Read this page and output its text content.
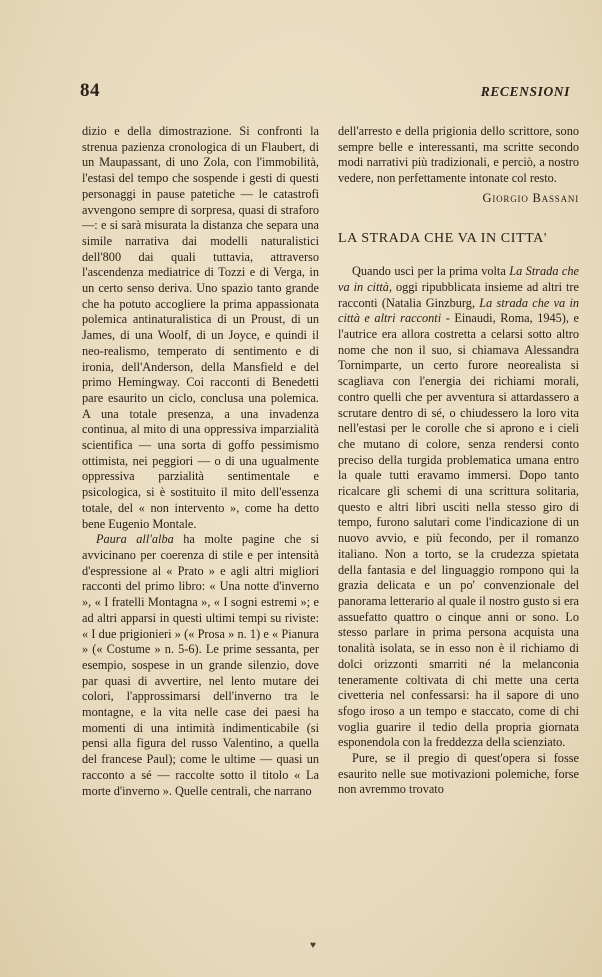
84	RECENSIONI

dizio e della dimostrazione. Si confronti la strenua pazienza cronologica di un Flaubert, di un Maupassant, di uno Zola, con l'immobilità, l'estasi del tempo che sospende i gesti di questi personaggi in pause patetiche — le catastrofi avvengono sempre di sorpresa, quasi di straforo —: e si sarà misurata la distanza che separa una simile narrativa dai modelli naturalistici dell'800 dai quali tuttavia, attraverso l'ascendenza mediatrice di Tozzi e di Verga, in un certo senso deriva. Uno spazio tanto grande che ha potuto accogliere la prima appassionata polemica antinaturalistica di un Proust, di un James, di una Woolf, di un Joyce, e quindi il neo-realismo, temperato di sentimento e di ironia, dell'Anderson, della Mansfield e del primo Hemingway. Coi racconti di Benedetti pare esaurito un ciclo, conclusa una polemica. A una totale presenza, a una invadenza continua, al mito di una oppressiva imparzialità scientifica — una sorta di goffo pessimismo ottimista, nei peggiori — o di una ugualmente oppressiva parzialità sentimentale e psicologica, si è sostituito il mito dell'essenza totale, del « non intervento », come ha detto bene Eugenio Montale.

Paura all'alba ha molte pagine che si avvicinano per coerenza di stile e per intensità d'espressione al « Prato » e agli altri migliori racconti del primo libro: « Una notte d'inverno », « I fratelli Montagna », « I sogni estremi »; e ad altri apparsi in questi ultimi tempi su riviste: « I due prigionieri » (« Prosa » n. 1) e « Pianura » (« Costume » n. 5-6). Le prime sessanta, per esempio, sospese in un grande silenzio, dove par quasi di avvertire, nel lento mutare dei colori, l'approssimarsi dell'inverno tra le montagne, e la vita nelle case dei paesi ha momenti di una intimità indimenticabile (si pensi alla figura del russo Valentino, a quella del francese Paul); come le ultime — quasi un racconto a sé — raccolte sotto il titolo « La morte d'inverno ». Quelle centrali, che narrano

dell'arresto e della prigionia dello scrittore, sono sempre belle e interessanti, ma scritte secondo modi narrativi più tradizionali, e perciò, a nostro vedere, non perfettamente intonate col resto.

Giorgio Bassani
LA STRADA CHE VA IN CITTA'

Quando uscì per la prima volta La Strada che va in città, oggi ripubblicata insieme ad altri tre racconti (Natalia Ginzburg, La strada che va in città e altri racconti - Einaudi, Roma, 1945), e l'autrice era allora costretta a celarsi sotto altro nome che non il suo, si chiamava Alessandra Tornimparte, un certo furore neorealista si scagliava con l'energia dei richiami morali, contro quelli che per avventura si attardassero a scrutare dentro di sé, o chiudessero la loro vita nell'estasi per le corolle che si aprono e i cieli che mutano di colore, senza rendersi conto preciso della turgida problematica umana entro la quale tutti eravamo immersi. Dopo tanto ricalcare gli schemi di una scrittura solitaria, questo e altri libri usciti nella stesso giro di tempo, furono salutari come l'indicazione di un nuovo avvio, e più fecondo, per il romanzo italiano. Non a torto, se la crudezza spietata della fantasia e del linguaggio rompono qui la grazia delicata e un po' convenzionale del panorama letterario al quale il nostro gusto si era assuefatto quattro o cinque anni or sono. Lo stesso parlare in prima persona acquista una tonalità isolata, se in esso non è il richiamo di dolci orizzonti smarriti né la melanconia teneramente coltivata di chi mette una certa civetteria nel confessarsi: ha il sapore di uno sfogo iroso a un tempo e staccato, come di chi voglia guarire il tedio della propria giornata esponendola con la freddezza della scienziato.

Pure, se il pregio di quest'opera si fosse esaurito nelle sue motivazioni polemiche, forse non avremmo trovato

♥
